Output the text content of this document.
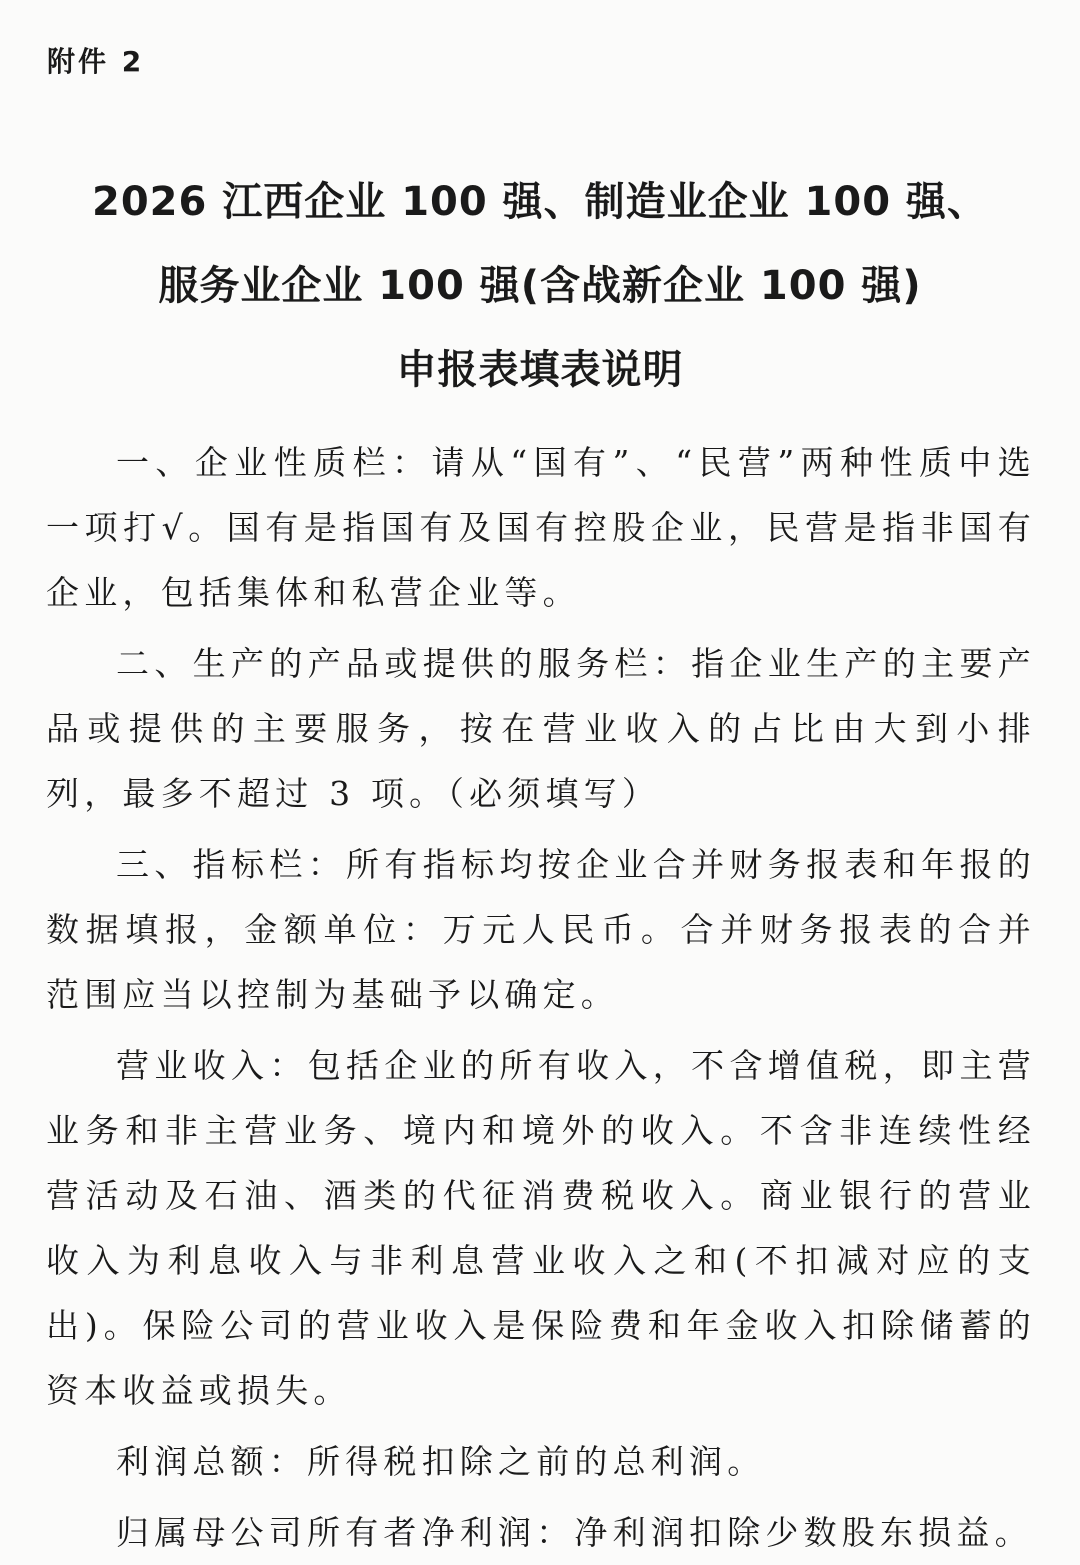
附件 2
2026 江西企业 100 强、制造业企业 100 强、
服务业企业 100 强(含战新企业 100 强)
申报表填表说明

一、企业性质栏：请从“国有”、“民营”两种性质中选一项打√。国有是指国有及国有控股企业，民营是指非国有企业，包括集体和私营企业等。

二、生产的产品或提供的服务栏：指企业生产的主要产品或提供的主要服务，按在营业收入的占比由大到小排列，最多不超过 3 项。（必须填写）

三、指标栏：所有指标均按企业合并财务报表和年报的数据填报，金额单位：万元人民币。合并财务报表的合并范围应当以控制为基础予以确定。

营业收入：包括企业的所有收入，不含增值税，即主营业务和非主营业务、境内和境外的收入。不含非连续性经营活动及石油、酒类的代征消费税收入。商业银行的营业收入为利息收入与非利息营业收入之和(不扣减对应的支出)。保险公司的营业收入是保险费和年金收入扣除储蓄的资本收益或损失。

利润总额：所得税扣除之前的总利润。

归属母公司所有者净利润：净利润扣除少数股东损益。
